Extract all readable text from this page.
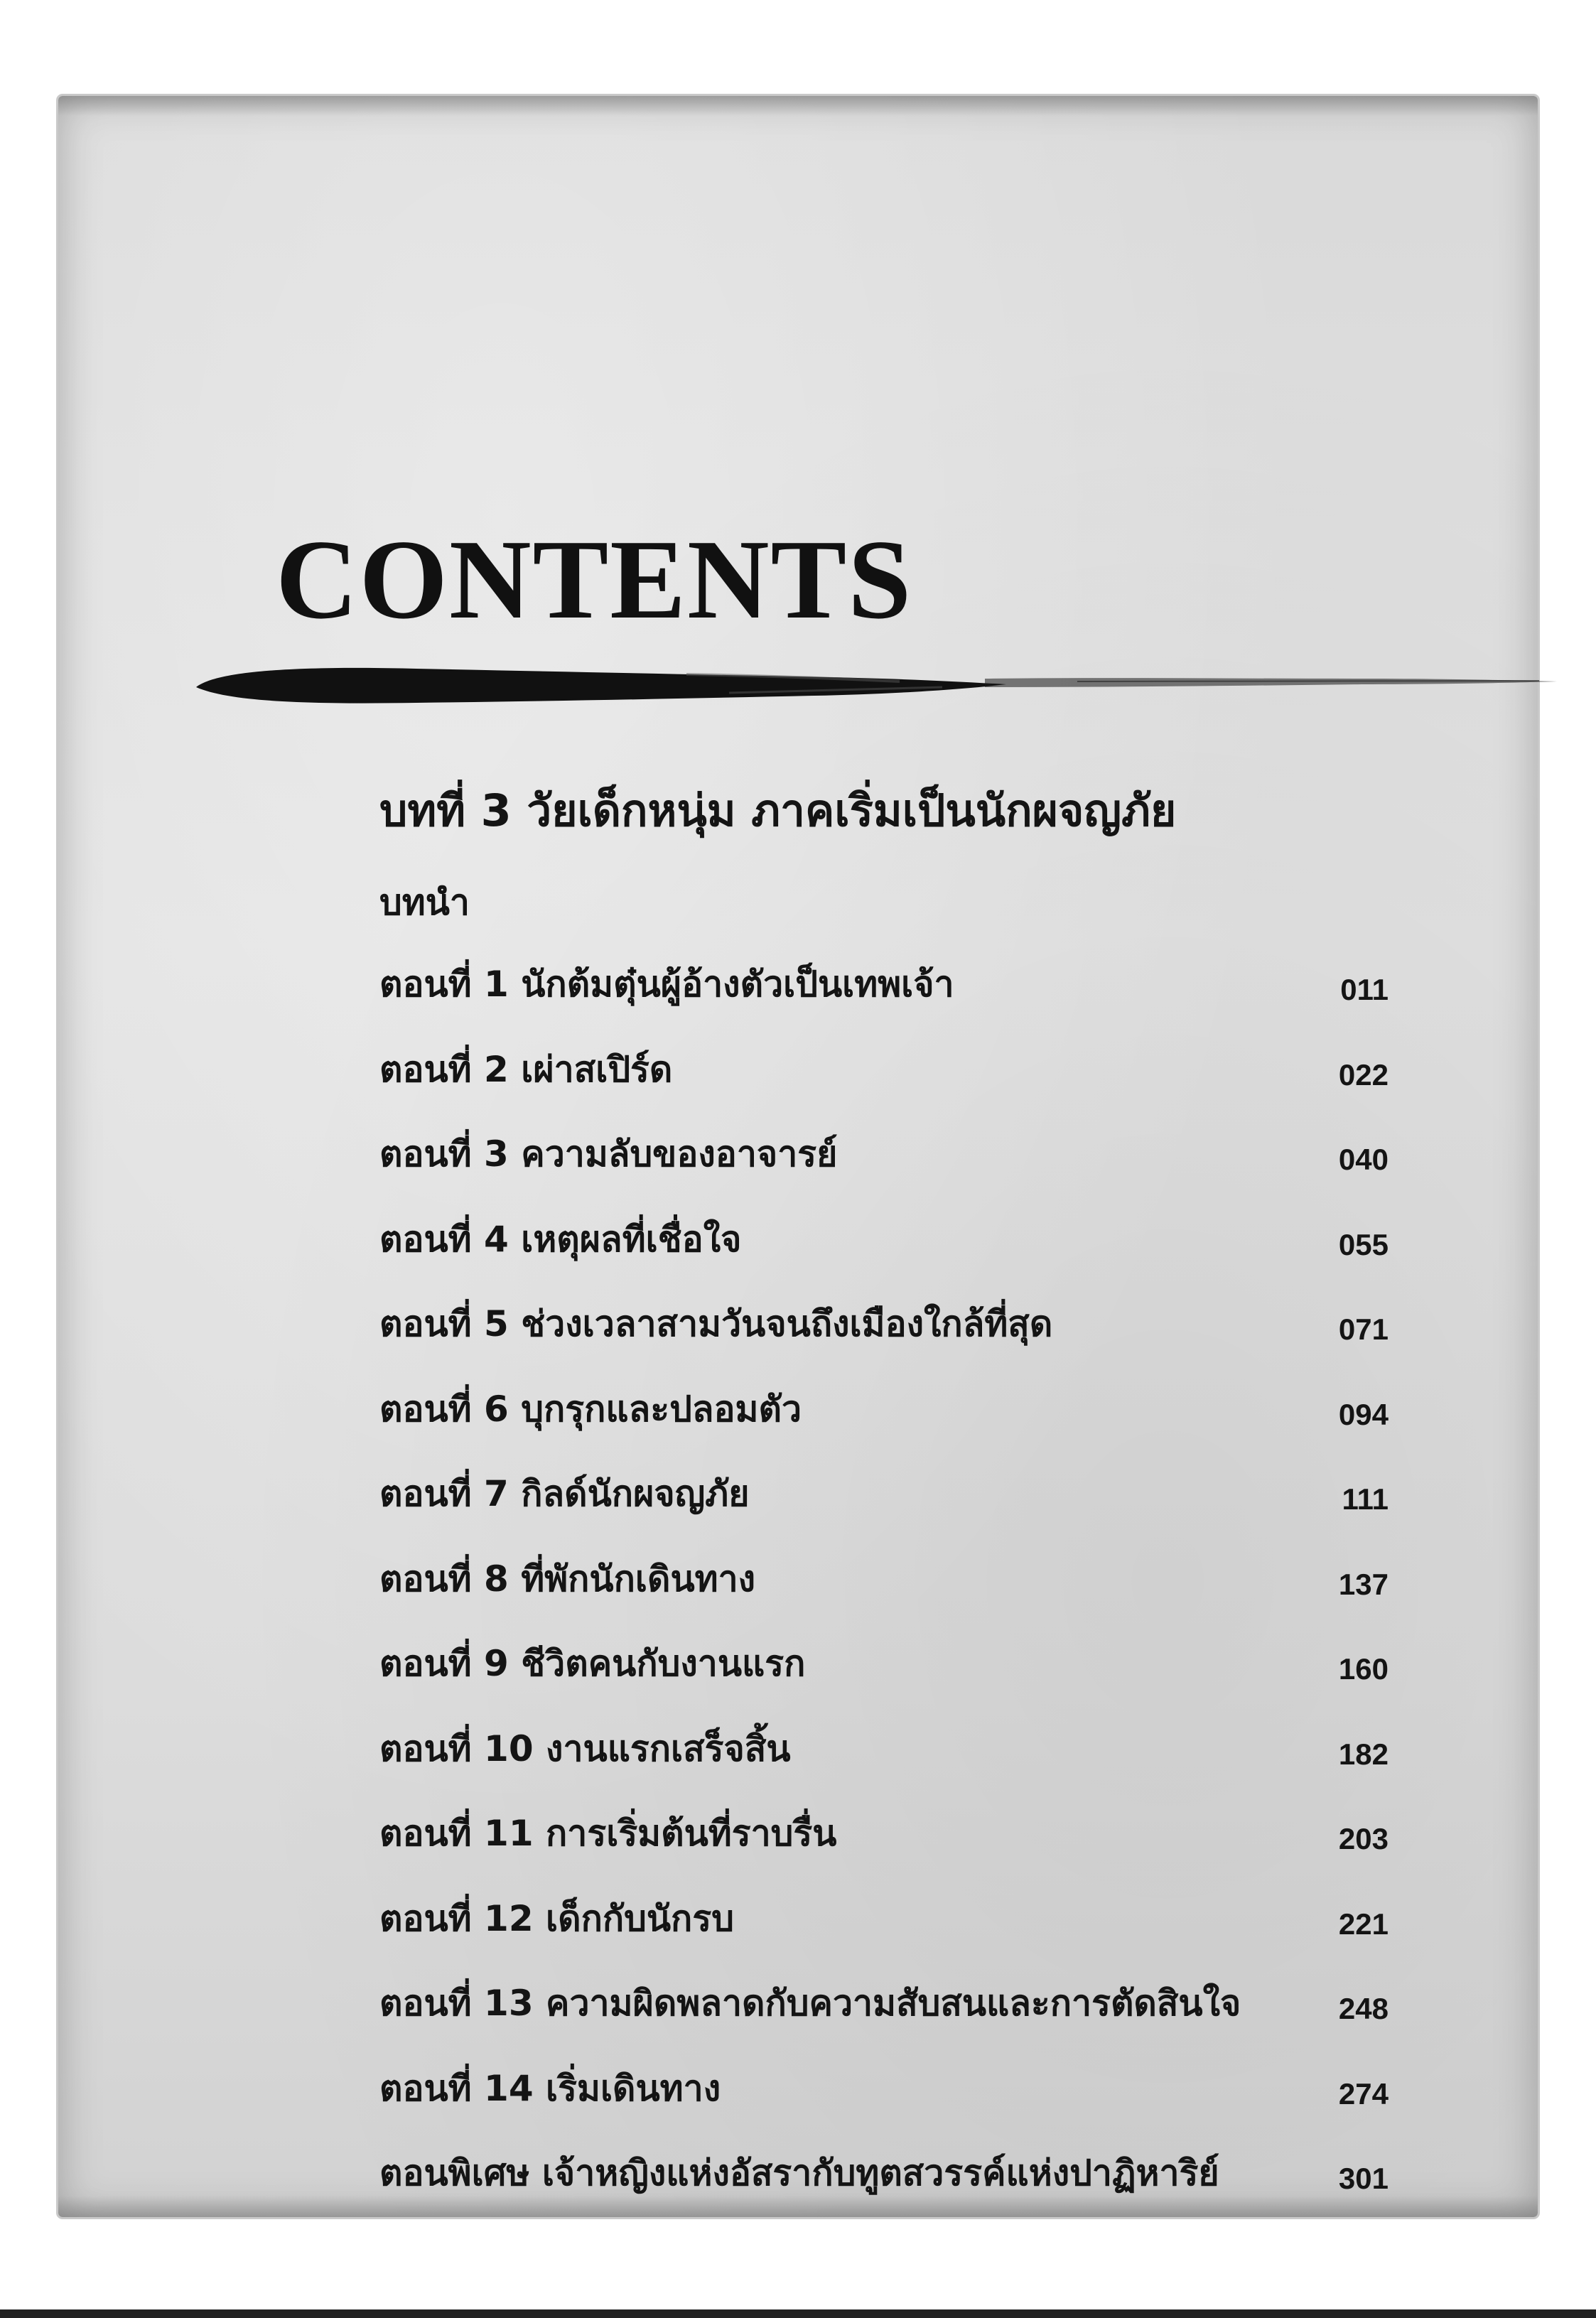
CONTENTS
บทที่ 3 วัยเด็กหนุ่ม ภาคเริ่มเป็นนักผจญภัย
บทนำ
ตอนที่ 1 นักต้มตุ๋นผู้อ้างตัวเป็นเทพเจ้า	011
ตอนที่ 2 เผ่าสเปิร์ด	022
ตอนที่ 3 ความลับของอาจารย์	040
ตอนที่ 4 เหตุผลที่เชื่อใจ	055
ตอนที่ 5 ช่วงเวลาสามวันจนถึงเมืองใกล้ที่สุด	071
ตอนที่ 6 บุกรุกและปลอมตัว	094
ตอนที่ 7 กิลด์นักผจญภัย	111
ตอนที่ 8 ที่พักนักเดินทาง	137
ตอนที่ 9 ชีวิตคนกับงานแรก	160
ตอนที่ 10 งานแรกเสร็จสิ้น	182
ตอนที่ 11 การเริ่มต้นที่ราบรื่น	203
ตอนที่ 12 เด็กกับนักรบ	221
ตอนที่ 13 ความผิดพลาดกับความสับสนและการตัดสินใจ	248
ตอนที่ 14 เริ่มเดินทาง	274
ตอนพิเศษ เจ้าหญิงแห่งอัสรากับทูตสวรรค์แห่งปาฏิหาริย์	301
